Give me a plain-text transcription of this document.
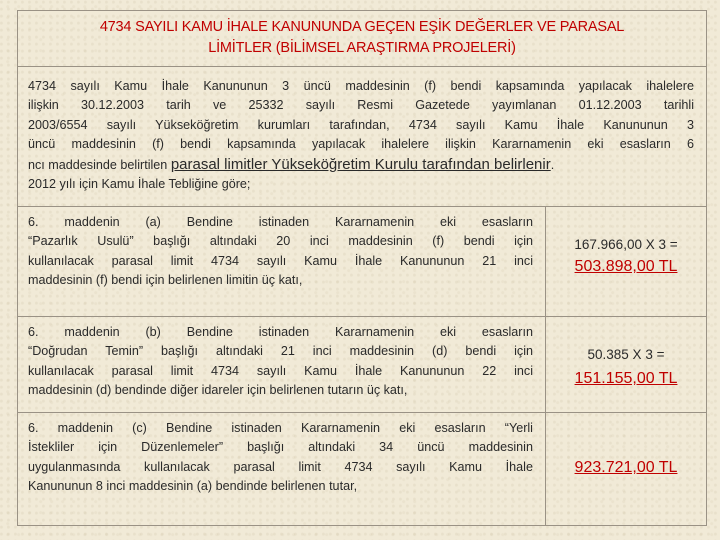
4734 SAYILI KAMU İHALE KANUNUNDA GEÇEN EŞİK DEĞERLER VE PARASAL
LİMİTLER (BİLİMSEL ARAŞTIRMA PROJELERİ)
4734 sayılı Kamu İhale Kanununun 3 üncü maddesinin (f) bendi kapsamında yapılacak ihalelere
ilişkin 30.12.2003 tarih ve 25332 sayılı Resmi Gazetede yayımlanan 01.12.2003 tarihli
2003/6554 sayılı Yükseköğretim kurumları tarafından, 4734 sayılı Kamu İhale Kanununun 3
üncü maddesinin (f) bendi kapsamında yapılacak ihalelere ilişkin Kararnamenin eki esasların 6
ncı maddesinde belirtilen parasal limitler Yükseköğretim Kurulu tarafından belirlenir.
2012 yılı için Kamu İhale Tebliğine göre;
6. maddenin (a) Bendine istinaden Kararnamenin eki esasların
“Pazarlık Usulü” başlığı altındaki 20 inci maddesinin (f) bendi için
kullanılacak parasal limit 4734 sayılı Kamu İhale Kanununun 21 inci
maddesinin (f) bendi için belirlenen limitin üç katı,
167.966,00 X 3 =
503.898,00 TL
6. maddenin (b) Bendine istinaden Kararnamenin eki esasların
“Doğrudan Temin” başlığı altındaki 21 inci maddesinin (d) bendi için
kullanılacak parasal limit 4734 sayılı Kamu İhale Kanununun 22 inci
maddesinin (d) bendinde diğer idareler için belirlenen tutarın üç katı,
50.385 X 3 =
151.155,00 TL
6. maddenin (c) Bendine istinaden Kararnamenin eki esasların “Yerli
İstekliler için Düzenlemeler” başlığı altındaki 34 üncü maddesinin
uygulanmasında kullanılacak parasal limit 4734 sayılı Kamu İhale
Kanununun 8 inci maddesinin (a) bendinde belirlenen tutar,
923.721,00 TL
